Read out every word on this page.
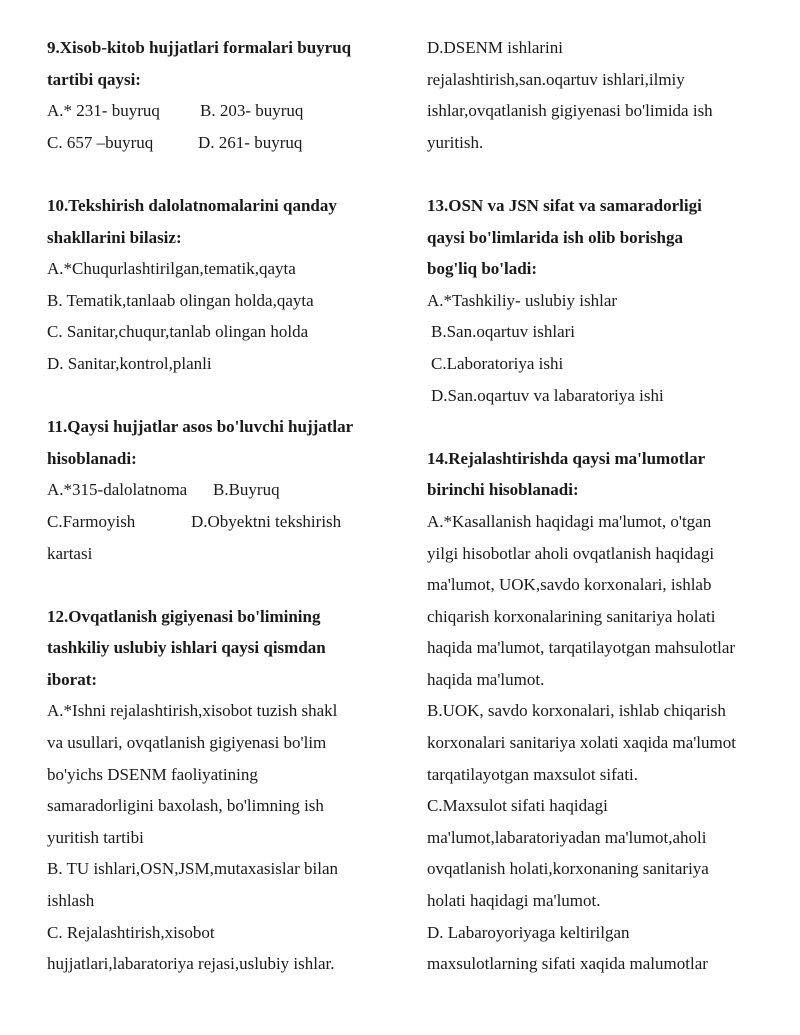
9.Xisob-kitob hujjatlari formalari buyruq
tartibi qaysi:
A.* 231- buyruq B. 203- buyruq
C. 657 –buyruq	D. 261- buyruq
10.Tekshirish dalolatnomalarini qanday
shakllarini bilasiz:
A.*Chuqurlashtirilgan,tematik,qayta
B. Tematik,tanlaab olingan holda,qayta
C. Sanitar,chuqur,tanlab olingan holda
D. Sanitar,kontrol,planli
11.Qaysi hujjatlar asos bo'luvchi hujjatlar
hisoblanadi:
A.*315-dalolatnoma B.Buyruq
C.Farmoyish	D.Obyektni tekshirish
kartasi
12.Ovqatlanish gigiyenasi bo'limining
tashkiliy uslubiy ishlari qaysi qismdan
iborat:
A.*Ishni rejalashtirish,xisobot tuzish shakl
va usullari, ovqatlanish gigiyenasi bo'lim
bo'yichs DSENM faoliyatining
samaradorligini baxolash, bo'limning ish
yuritish tartibi
B. TU ishlari,OSN,JSM,mutaxasislar bilan
ishlash
C. Rejalashtirish,xisobot
hujjatlari,labaratoriya rejasi,uslubiy ishlar.
D.DSENM ishlarini
rejalashtirish,san.oqartuv ishlari,ilmiy
ishlar,ovqatlanish gigiyenasi bo'limida ish
yuritish.
13.OSN va JSN sifat va samaradorligi
qaysi bo'limlarida ish olib borishga
bog'liq bo'ladi:
A.*Tashkiliy- uslubiy ishlar
B.San.oqartuv ishlari
C.Laboratoriya ishi
D.San.oqartuv va labaratoriya ishi
14.Rejalashtirishda qaysi ma'lumotlar
birinchi hisoblanadi:
A.*Kasallanish haqidagi ma'lumot, o'tgan
yilgi hisobotlar aholi ovqatlanish haqidagi
ma'lumot, UOK,savdo korxonalari, ishlab
chiqarish korxonalarining sanitariya holati
haqida ma'lumot, tarqatilayotgan mahsulotlar
haqida ma'lumot.
B.UOK, savdo korxonalari, ishlab chiqarish
korxonalari sanitariya xolati xaqida ma'lumot
tarqatilayotgan maxsulot sifati.
C.Maxsulot sifati haqidagi
ma'lumot,labaratoriyadan ma'lumot,aholi
ovqatlanish holati,korxonaning sanitariya
holati haqidagi ma'lumot.
D. Labaroyoriyaga keltirilgan
maxsulotlarning sifati xaqida malumotlar
